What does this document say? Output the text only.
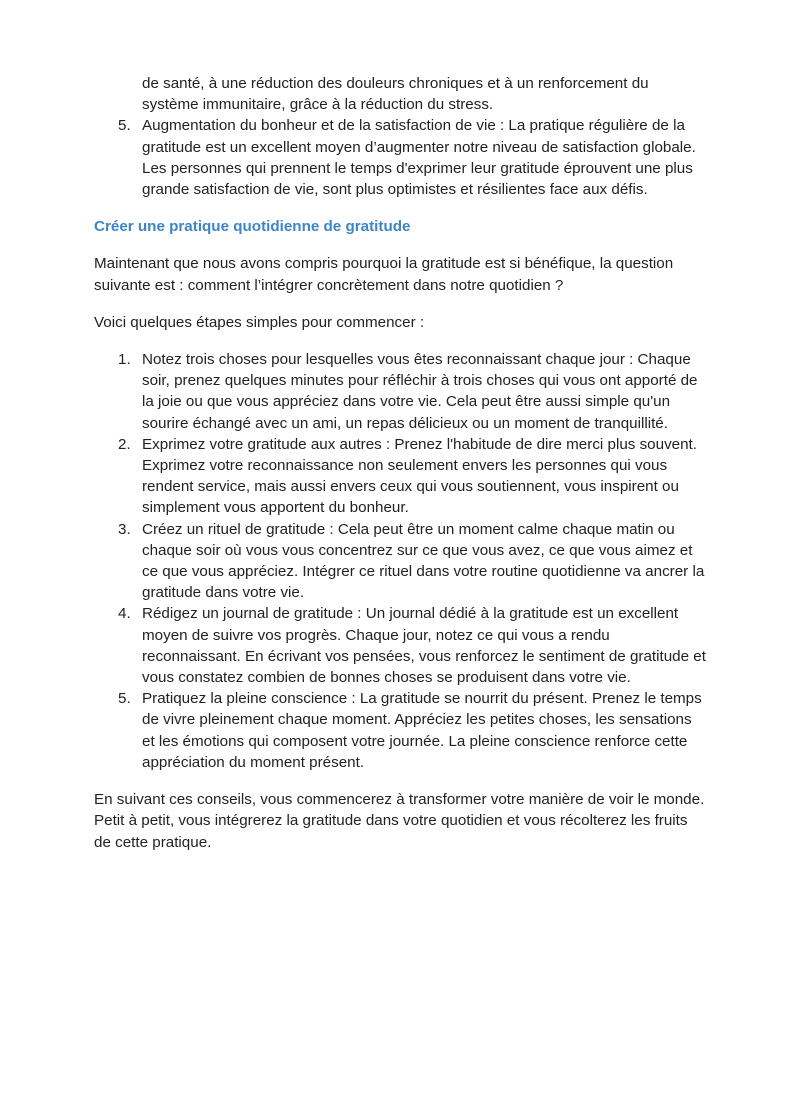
de santé, à une réduction des douleurs chroniques et à un renforcement du système immunitaire, grâce à la réduction du stress.
5. Augmentation du bonheur et de la satisfaction de vie : La pratique régulière de la gratitude est un excellent moyen d’augmenter notre niveau de satisfaction globale. Les personnes qui prennent le temps d'exprimer leur gratitude éprouvent une plus grande satisfaction de vie, sont plus optimistes et résilientes face aux défis.
Créer une pratique quotidienne de gratitude

Maintenant que nous avons compris pourquoi la gratitude est si bénéfique, la question suivante est : comment l’intégrer concrètement dans notre quotidien ?

Voici quelques étapes simples pour commencer :

1. Notez trois choses pour lesquelles vous êtes reconnaissant chaque jour : Chaque soir, prenez quelques minutes pour réfléchir à trois choses qui vous ont apporté de la joie ou que vous appréciez dans votre vie. Cela peut être aussi simple qu'un sourire échangé avec un ami, un repas délicieux ou un moment de tranquillité.
2. Exprimez votre gratitude aux autres : Prenez l'habitude de dire merci plus souvent. Exprimez votre reconnaissance non seulement envers les personnes qui vous rendent service, mais aussi envers ceux qui vous soutiennent, vous inspirent ou simplement vous apportent du bonheur.
3. Créez un rituel de gratitude : Cela peut être un moment calme chaque matin ou chaque soir où vous vous concentrez sur ce que vous avez, ce que vous aimez et ce que vous appréciez. Intégrer ce rituel dans votre routine quotidienne va ancrer la gratitude dans votre vie.
4. Rédigez un journal de gratitude : Un journal dédié à la gratitude est un excellent moyen de suivre vos progrès. Chaque jour, notez ce qui vous a rendu reconnaissant. En écrivant vos pensées, vous renforcez le sentiment de gratitude et vous constatez combien de bonnes choses se produisent dans votre vie.
5. Pratiquez la pleine conscience : La gratitude se nourrit du présent. Prenez le temps de vivre pleinement chaque moment. Appréciez les petites choses, les sensations et les émotions qui composent votre journée. La pleine conscience renforce cette appréciation du moment présent.

En suivant ces conseils, vous commencerez à transformer votre manière de voir le monde. Petit à petit, vous intégrerez la gratitude dans votre quotidien et vous récolterez les fruits de cette pratique.
